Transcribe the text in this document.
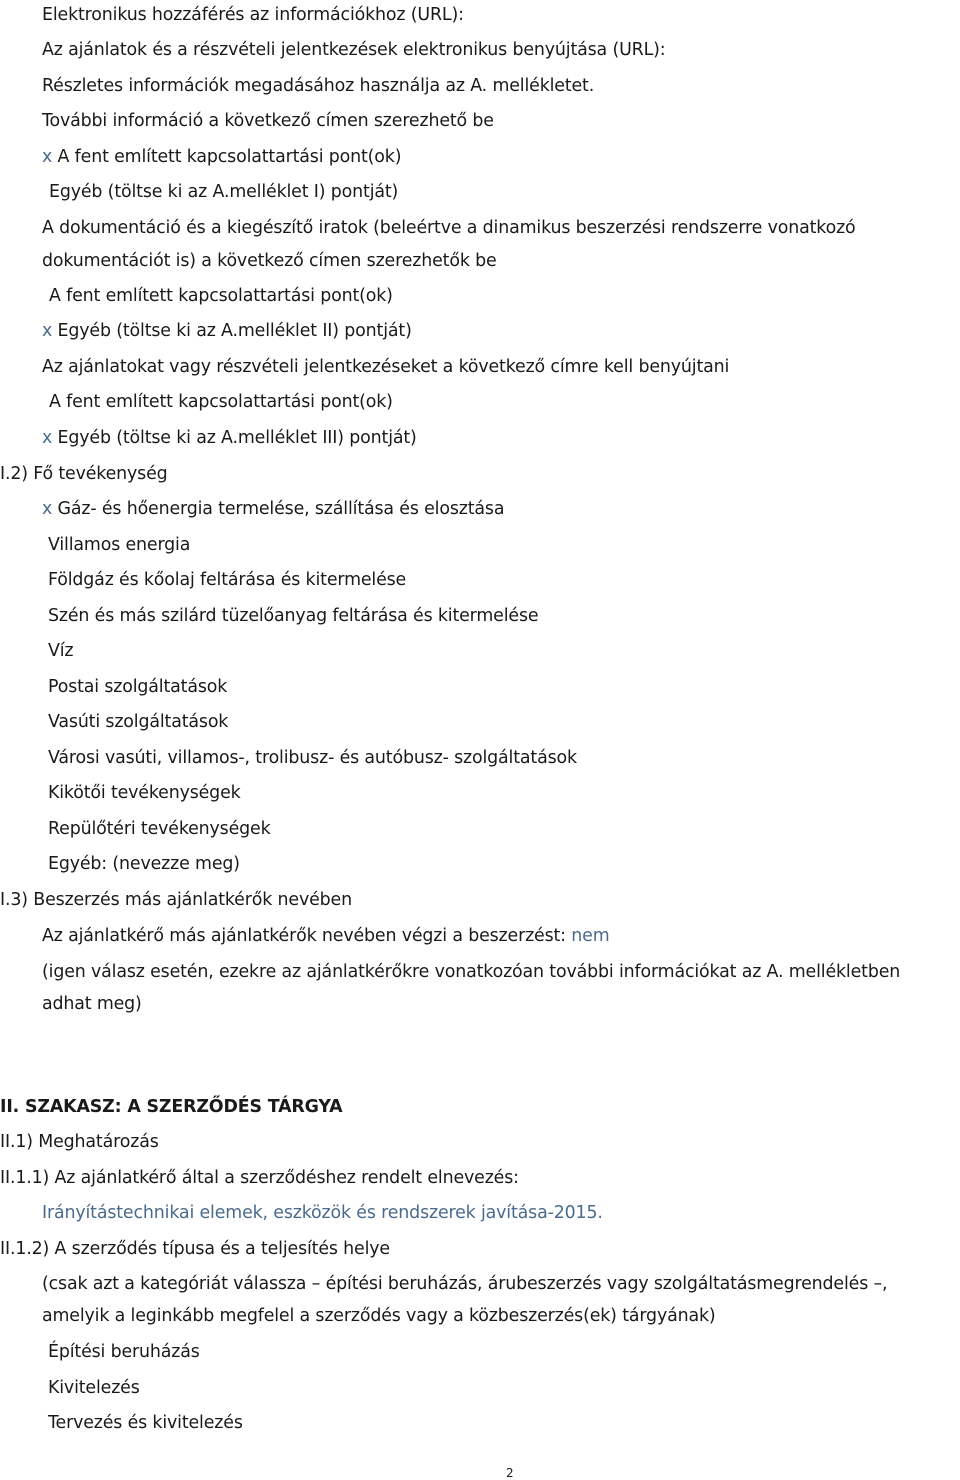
Elektronikus hozzáférés az információkhoz (URL):
Az ajánlatok és a részvételi jelentkezések elektronikus benyújtása (URL):
Részletes információk megadásához használja az A. mellékletet.
További információ a következő címen szerezhető be
x A fent említett kapcsolattartási pont(ok)
Egyéb (töltse ki az A.melléklet I) pontját)
A dokumentáció és a kiegészítő iratok (beleértve a dinamikus beszerzési rendszerre vonatkozó
dokumentációt is) a következő címen szerezhetők be
A fent említett kapcsolattartási pont(ok)
x Egyéb (töltse ki az A.melléklet II) pontját)
Az ajánlatokat vagy részvételi jelentkezéseket a következő címre kell benyújtani
A fent említett kapcsolattartási pont(ok)
x Egyéb (töltse ki az A.melléklet III) pontját)
I.2) Fő tevékenység
x Gáz- és hőenergia termelése, szállítása és elosztása
Villamos energia
Földgáz és kőolaj feltárása és kitermelése
Szén és más szilárd tüzelőanyag feltárása és kitermelése
Víz
Postai szolgáltatások
Vasúti szolgáltatások
Városi vasúti, villamos-, trolibusz- és autóbusz- szolgáltatások
Kikötői tevékenységek
Repülőtéri tevékenységek
Egyéb: (nevezze meg)
I.3) Beszerzés más ajánlatkérők nevében
Az ajánlatkérő más ajánlatkérők nevében végzi a beszerzést: nem
(igen válasz esetén, ezekre az ajánlatkérőkre vonatkozóan további információkat az A. mellékletben
adhat meg)
II. SZAKASZ: A SZERZŐDÉS TÁRGYA
II.1) Meghatározás
II.1.1) Az ajánlatkérő által a szerződéshez rendelt elnevezés:
Irányítástechnikai elemek, eszközök és rendszerek javítása-2015.
II.1.2) A szerződés típusa és a teljesítés helye
(csak azt a kategóriát válassza – építési beruházás, árubeszerzés vagy szolgáltatásmegrendelés –,
amelyik a leginkább megfelel a szerződés vagy a közbeszerzés(ek) tárgyának)
Építési beruházás
Kivitelezés
Tervezés és kivitelezés
2
